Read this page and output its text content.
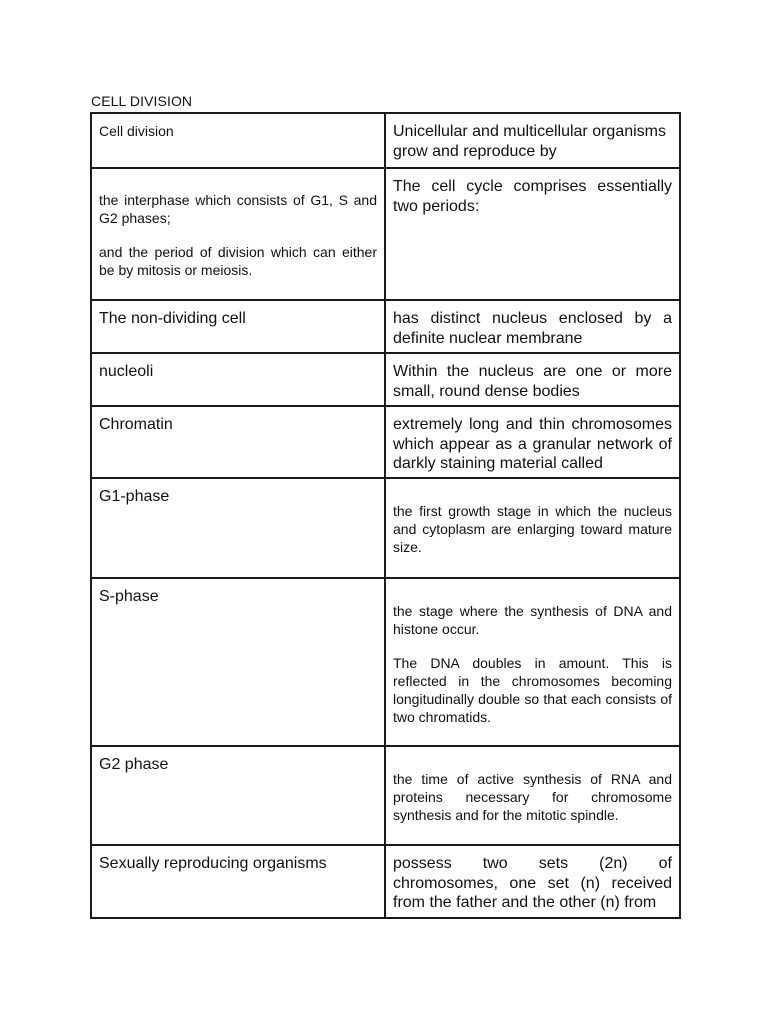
CELL DIVISION

Cell division	Unicellular and multicellular organisms grow and reproduce by

the interphase which consists of G1, S and G2 phases;

and the period of division which can either be by mitosis or meiosis.	The cell cycle comprises essentially two periods:

The non-dividing cell	has distinct nucleus enclosed by a definite nuclear membrane

nucleoli	Within the nucleus are one or more small, round dense bodies

Chromatin	extremely long and thin chromosomes which appear as a granular network of darkly staining material called

G1-phase	the first growth stage in which the nucleus and cytoplasm are enlarging toward mature size.

S-phase	the stage where the synthesis of DNA and histone occur.

The DNA doubles in amount. This is reflected in the chromosomes becoming longitudinally double so that each consists of two chromatids.

G2 phase	the time of active synthesis of RNA and proteins necessary for chromosome synthesis and for the mitotic spindle.

Sexually reproducing organisms	possess two sets (2n) of chromosomes, one set (n) received from the father and the other (n) from
